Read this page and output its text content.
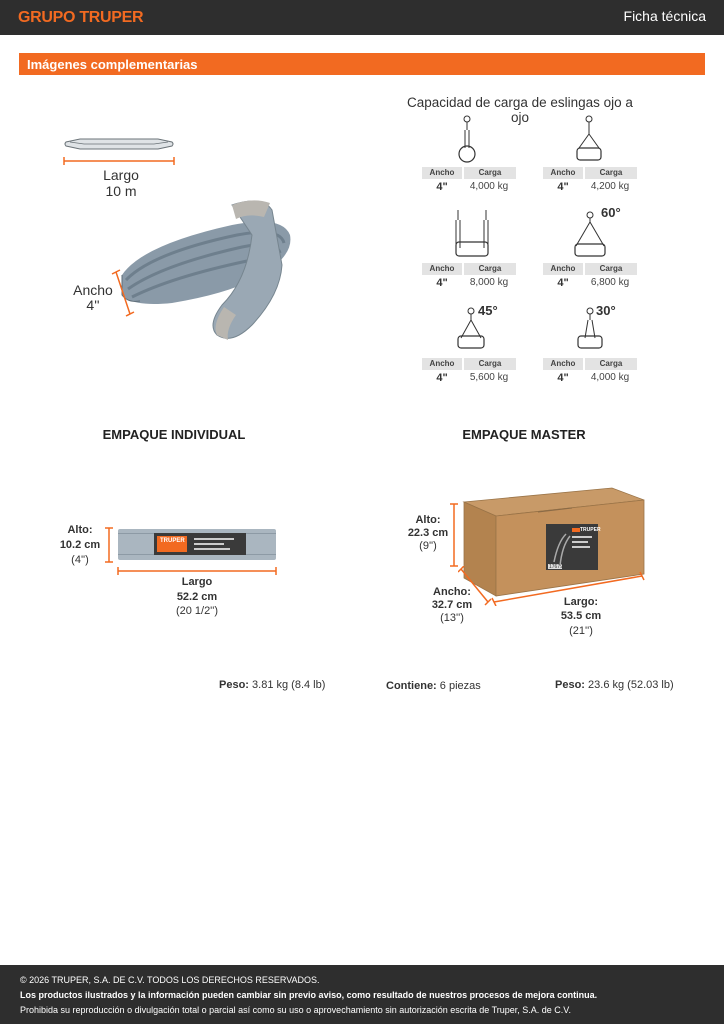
GRUPO TRUPER	Ficha técnica
Imágenes complementarias
Largo
10 m
Ancho
4''
Capacidad de carga de eslingas ojo a ojo
Ancho	Carga
4"	4,000 kg
Ancho	Carga
4"	4,200 kg
Ancho	Carga
4"	8,000 kg
60°
Ancho	Carga
4"	6,800 kg
45°
Ancho	Carga
4"	5,600 kg
30°
Ancho	Carga
4"	4,000 kg
EMPAQUE INDIVIDUAL	EMPAQUE MASTER
Alto:
10.2 cm
(4'')
TRUPER
Largo
52.2 cm
(20 1/2'')
Alto:
22.3 cm
(9'')
TRUPER
17679
Ancho:
32.7 cm
(13'')
Largo:
53.5 cm
(21'')
Peso: 3.81 kg (8.4 lb)	Contiene: 6 piezas	Peso: 23.6 kg (52.03 lb)

© 2026 TRUPER, S.A. DE C.V. TODOS LOS DERECHOS RESERVADOS.

Los productos ilustrados y la información pueden cambiar sin previo aviso, como resultado de nuestros procesos de mejora continua.

Prohibida su reproducción o divulgación total o parcial así como su uso o aprovechamiento sin autorización escrita de Truper, S.A. de C.V.
